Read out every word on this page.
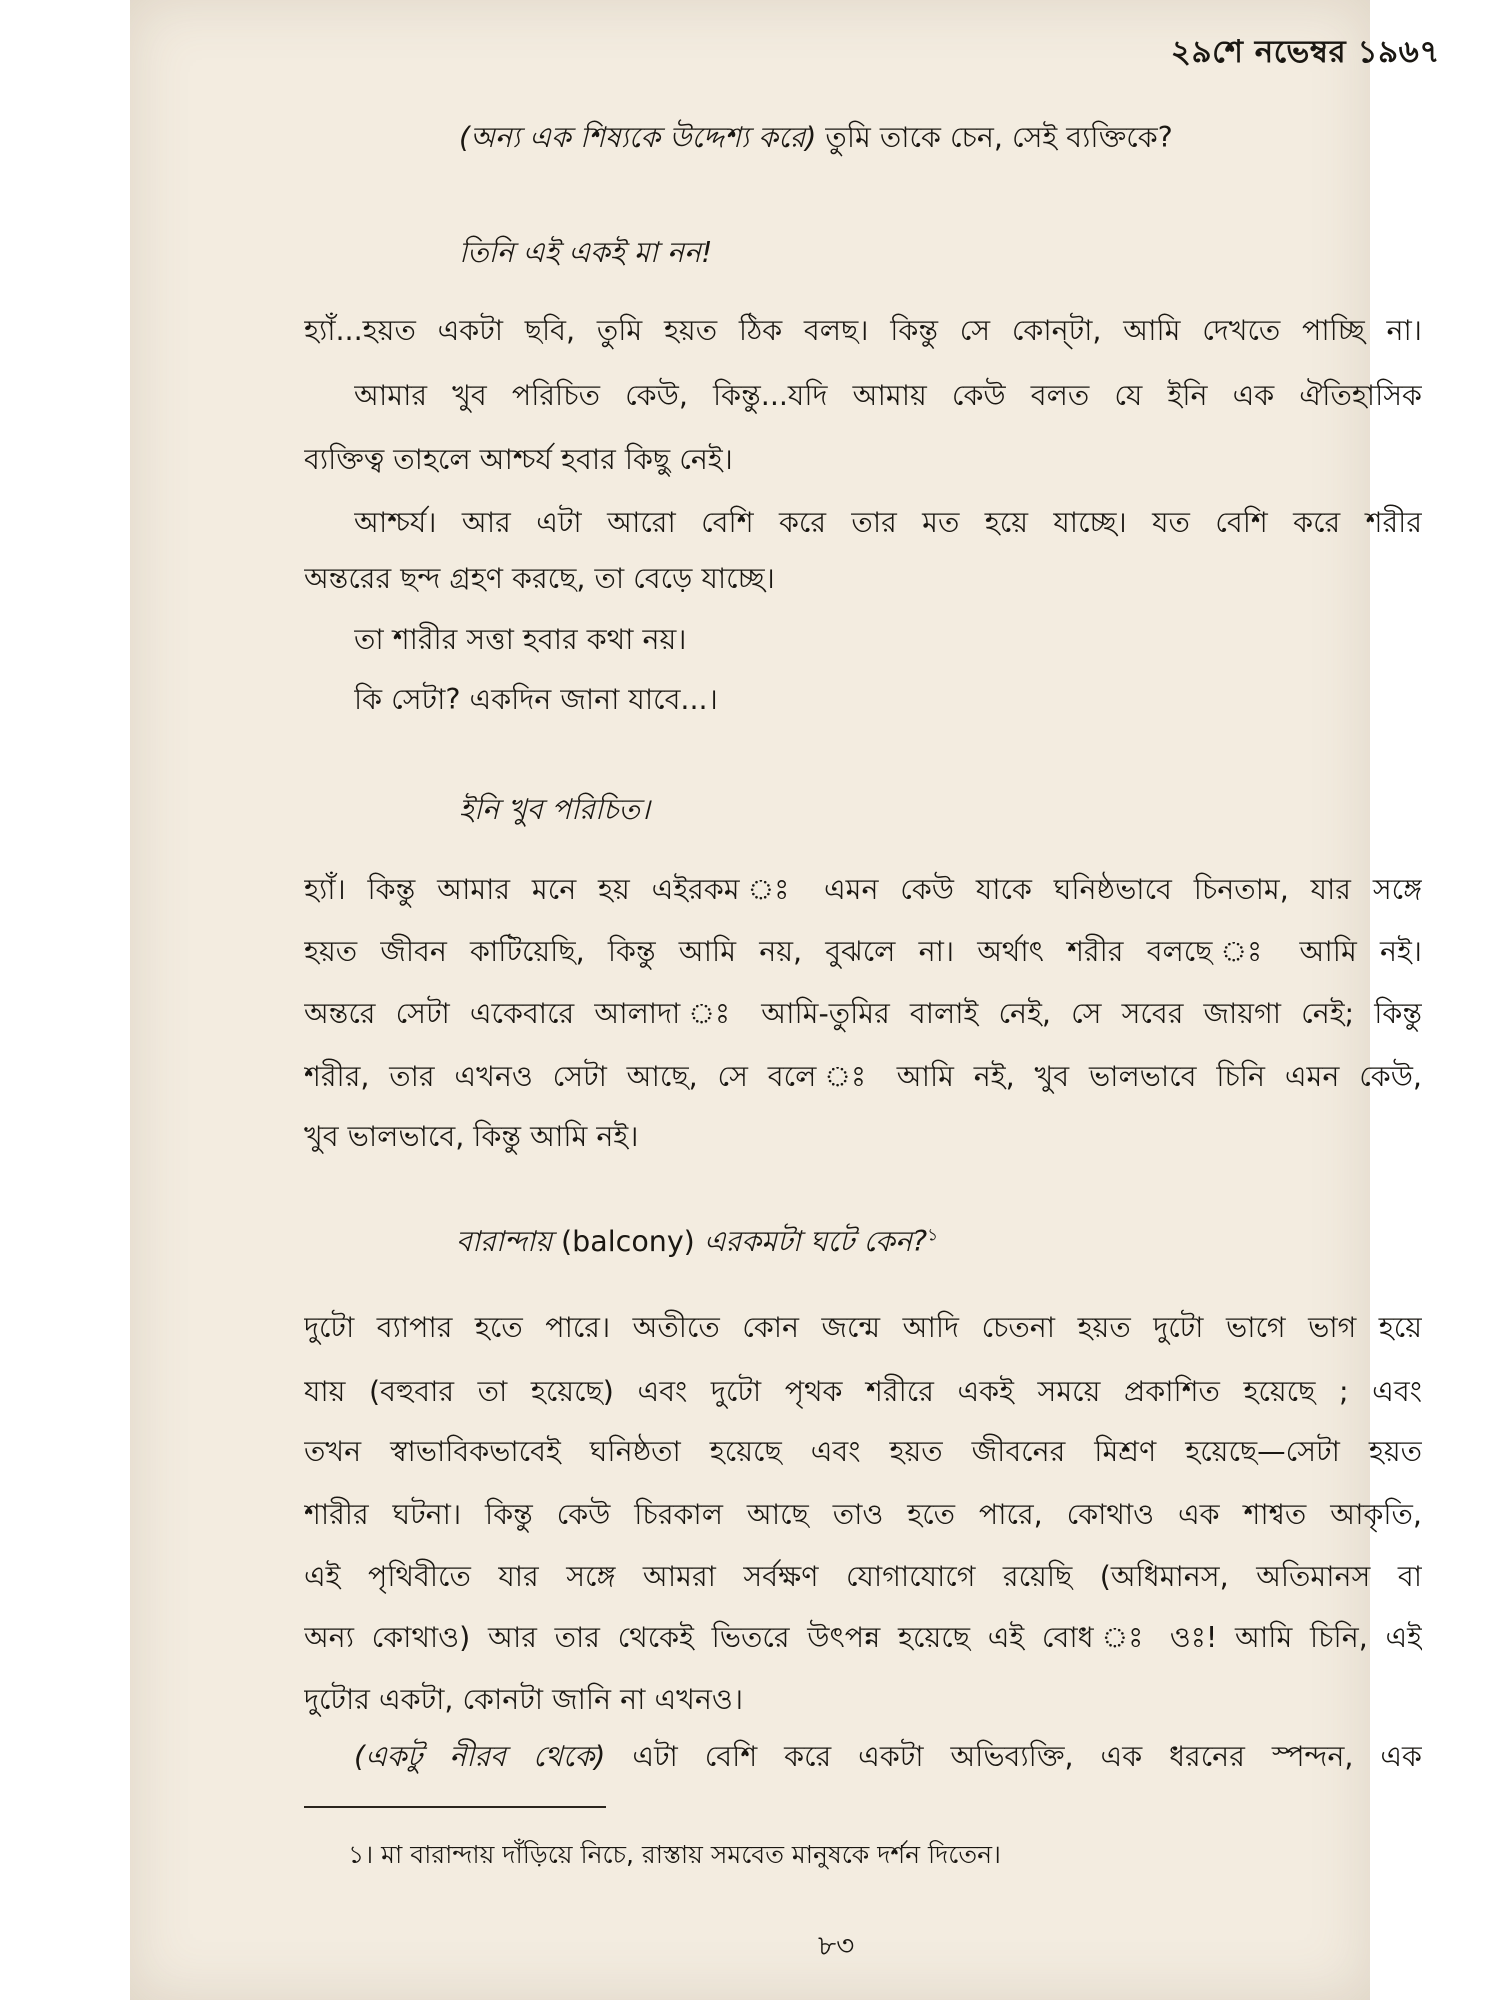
২৯শে নভেম্বর ১৯৬৭
(অন্য এক শিষ্যকে উদ্দেশ্য করে) তুমি তাকে চেন, সেই ব্যক্তিকে?
তিনি এই একই মা নন!
হ্যাঁ...হয়ত একটা ছবি, তুমি হয়ত ঠিক বলছ। কিন্তু সে কোন্‌টা, আমি দেখতে পাচ্ছি না।
আমার খুব পরিচিত কেউ, কিন্তু...যদি আমায় কেউ বলত যে ইনি এক ঐতিহাসিক
ব্যক্তিত্ব তাহলে আশ্চর্য হবার কিছু নেই।
আশ্চর্য। আর এটা আরো বেশি করে তার মত হয়ে যাচ্ছে। যত বেশি করে শরীর
অন্তরের ছন্দ গ্রহণ করছে, তা বেড়ে যাচ্ছে।
তা শারীর সত্তা হবার কথা নয়।
কি সেটা? একদিন জানা যাবে...।
ইনি খুব পরিচিত।
হ্যাঁ। কিন্তু আমার মনে হয় এইরকম ঃ এমন কেউ যাকে ঘনিষ্ঠভাবে চিনতাম, যার সঙ্গে
হয়ত জীবন কাটিয়েছি, কিন্তু আমি নয়, বুঝলে না। অর্থাৎ শরীর বলছে ঃ আমি নই।
অন্তরে সেটা একেবারে আলাদা ঃ আমি-তুমির বালাই নেই, সে সবের জায়গা নেই; কিন্তু
শরীর, তার এখনও সেটা আছে, সে বলে ঃ আমি নই, খুব ভালভাবে চিনি এমন কেউ,
খুব ভালভাবে, কিন্তু আমি নই।
বারান্দায় (balcony) এরকমটা ঘটে কেন?$^১$
দুটো ব্যাপার হতে পারে। অতীতে কোন জন্মে আদি চেতনা হয়ত দুটো ভাগে ভাগ হয়ে
যায় (বহুবার তা হয়েছে) এবং দুটো পৃথক শরীরে একই সময়ে প্রকাশিত হয়েছে ; এবং
তখন স্বাভাবিকভাবেই ঘনিষ্ঠতা হয়েছে এবং হয়ত জীবনের মিশ্রণ হয়েছে—সেটা হয়ত
শারীর ঘটনা। কিন্তু কেউ চিরকাল আছে তাও হতে পারে, কোথাও এক শাশ্বত আকৃতি,
এই পৃথিবীতে যার সঙ্গে আমরা সর্বক্ষণ যোগাযোগে রয়েছি (অধিমানস, অতিমানস বা
অন্য কোথাও) আর তার থেকেই ভিতরে উৎপন্ন হয়েছে এই বোধ ঃ ওঃ! আমি চিনি, এই
দুটোর একটা, কোনটা জানি না এখনও।
(একটু নীরব থেকে) এটা বেশি করে একটা অভিব্যক্তি, এক ধরনের স্পন্দন, এক
১। মা বারান্দায় দাঁড়িয়ে নিচে, রাস্তায় সমবেত মানুষকে দর্শন দিতেন।
৮৩
